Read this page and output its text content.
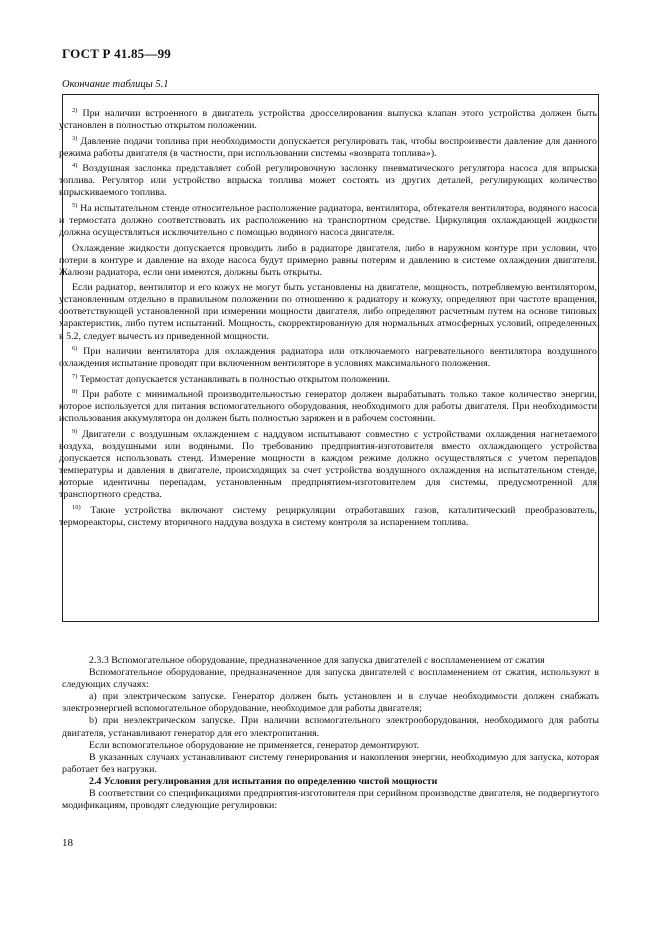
ГОСТ Р 41.85—99
Окончание таблицы 5.1

$^{2)}$ При наличии встроенного в двигатель устройства дросселирования выпуска клапан этого устройства должен быть установлен в полностью открытом положении.

$^{3)}$ Давление подачи топлива при необходимости допускается регулировать так, чтобы воспроизвести давление для данного режима работы двигателя (в частности, при использовании системы «возврата топлива»).

$^{4)}$ Воздушная заслонка представляет собой регулировочную заслонку пневматического регулятора насоса для впрыска топлива. Регулятор или устройство впрыска топлива может состоять из других деталей, регулирующих количество впрыскиваемого топлива.

$^{5)}$ На испытательном стенде относительное расположение радиатора, вентилятора, обтекателя вентилятора, водяного насоса и термостата должно соответствовать их расположению на транспортном средстве. Циркуляция охлаждающей жидкости должна осуществляться исключительно с помощью водяного насоса двигателя.

Охлаждение жидкости допускается проводить либо в радиаторе двигателя, либо в наружном контуре при условии, что потери в контуре и давление на входе насоса будут примерно равны потерям и давлению в системе охлаждения двигателя. Жалюзи радиатора, если они имеются, должны быть открыты.

Если радиатор, вентилятор и его кожух не могут быть установлены на двигателе, мощность, потребляемую вентилятором, установленным отдельно в правильном положении по отношению к радиатору и кожуху, определяют при частоте вращения, соответствующей установленной при измерении мощности двигателя, либо определяют расчетным путем на основе типовых характеристик, либо путем испытаний. Мощность, скорректированную для нормальных атмосферных условий, определенных в 5.2, следует вычесть из приведенной мощности.

$^{6)}$ При наличии вентилятора для охлаждения радиатора или отключаемого нагревательного вентилятора воздушного охлаждения испытание проводят при включенном вентиляторе в условиях максимального положения.

$^{7)}$ Термостат допускается устанавливать в полностью открытом положении.

$^{8)}$ При работе с минимальной производительностью генератор должен вырабатывать только такое количество энергии, которое используется для питания вспомогательного оборудования, необходимого для работы двигателя. При необходимости использования аккумулятора он должен быть полностью заряжен и в рабочем состоянии.

$^{9)}$ Двигатели с воздушным охлаждением с наддувом испытывают совместно с устройствами охлаждения нагнетаемого воздуха, воздушными или водяными. По требованию предприятия-изготовителя вместо охлаждающего устройства допускается использовать стенд. Измерение мощности в каждом режиме должно осуществляться с учетом перепадов температуры и давления в двигателе, происходящих за счет устройства воздушного охлаждения на испытательном стенде, которые идентичны перепадам, установленным предприятием-изготовителем для системы, предусмотренной для транспортного средства.

$^{10)}$ Такие устройства включают систему рециркуляции отработавших газов, каталитический преобразователь, термореакторы, систему вторичного наддува воздуха в систему контроля за испарением топлива.

2.3.3 Вспомогательное оборудование, предназначенное для запуска двигателей с воспламенением от сжатия

Вспомогательное оборудование, предназначенное для запуска двигателей с воспламенением от сжатия, используют в следующих случаях:

а) при электрическом запуске. Генератор должен быть установлен и в случае необходимости должен снабжать электроэнергией вспомогательное оборудование, необходимое для работы двигателя;

b) при неэлектрическом запуске. При наличии вспомогательного электрооборудования, необходимого для работы двигателя, устанавливают генератор для его электропитания.

Если вспомогательное оборудование не применяется, генератор демонтируют.

В указанных случаях устанавливают систему генерирования и накопления энергии, необходимую для запуска, которая работает без нагрузки.

2.4 Условия регулирования для испытания по определению чистой мощности

В соответствии со спецификациями предприятия-изготовителя при серийном производстве двигателя, не подвергнутого модификациям, проводят следующие регулировки:

18
